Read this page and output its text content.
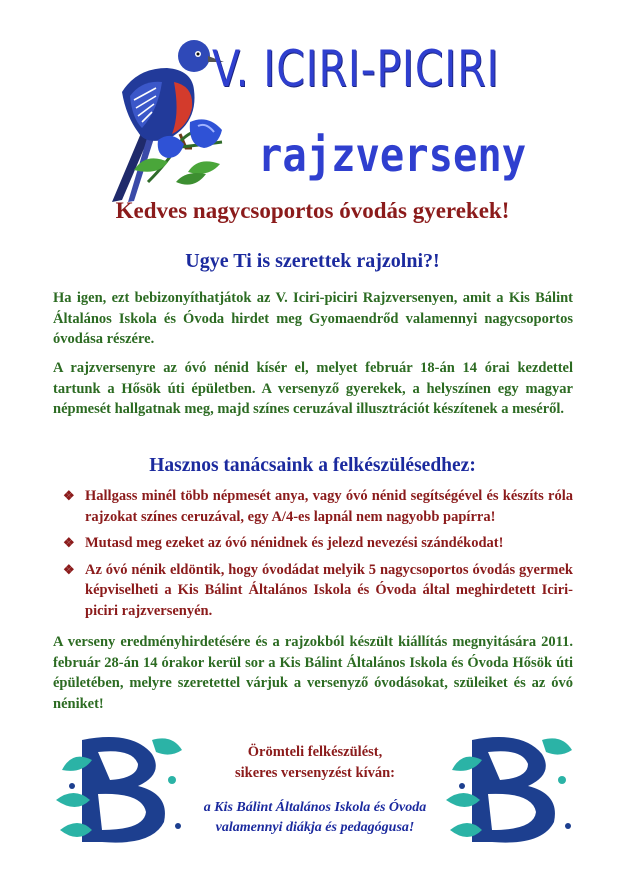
V. ICIRI-PICIRI
rajzverseny
Kedves nagycsoportos óvodás gyerekek!
Ugye Ti is szerettek rajzolni?!
Ha igen, ezt bebizonyíthatjátok az V. Iciri-piciri Rajzversenyen, amit a Kis Bálint Általános Iskola és Óvoda hirdet meg Gyomaendrőd valamennyi nagycsoportos óvodása részére.
A rajzversenyre az óvó nénid kísér el, melyet február 18-án 14 órai kezdettel tartunk a Hősök úti épületben. A versenyző gyerekek, a helyszínen egy magyar népmesét hallgatnak meg, majd színes ceruzával illusztrációt készítenek a meséről.
Hasznos tanácsaink a felkészülésedhez:
❖ Hallgass minél több népmesét anya, vagy óvó nénid segítségével és készíts róla rajzokat színes ceruzával, egy A/4-es lapnál nem nagyobb papírra!
❖ Mutasd meg ezeket az óvó nénidnek és jelezd nevezési szándékodat!
❖ Az óvó nénik eldöntik, hogy óvodádat melyik 5 nagycsoportos óvodás gyermek képviselheti a Kis Bálint Általános Iskola és Óvoda által meghirdetett Iciri-piciri rajzversenyén.
A verseny eredményhirdetésére és a rajzokból készült kiállítás megnyitására 2011. február 28-án 14 órakor kerül sor a Kis Bálint Általános Iskola és Óvoda Hősök úti épületében, melyre szeretettel várjuk a versenyző óvodásokat, szüleiket és az óvó néniket!
Örömteli felkészülést,
sikeres versenyzést kíván:
a Kis Bálint Általános Iskola és Óvoda
valamennyi diákja és pedagógusa!
